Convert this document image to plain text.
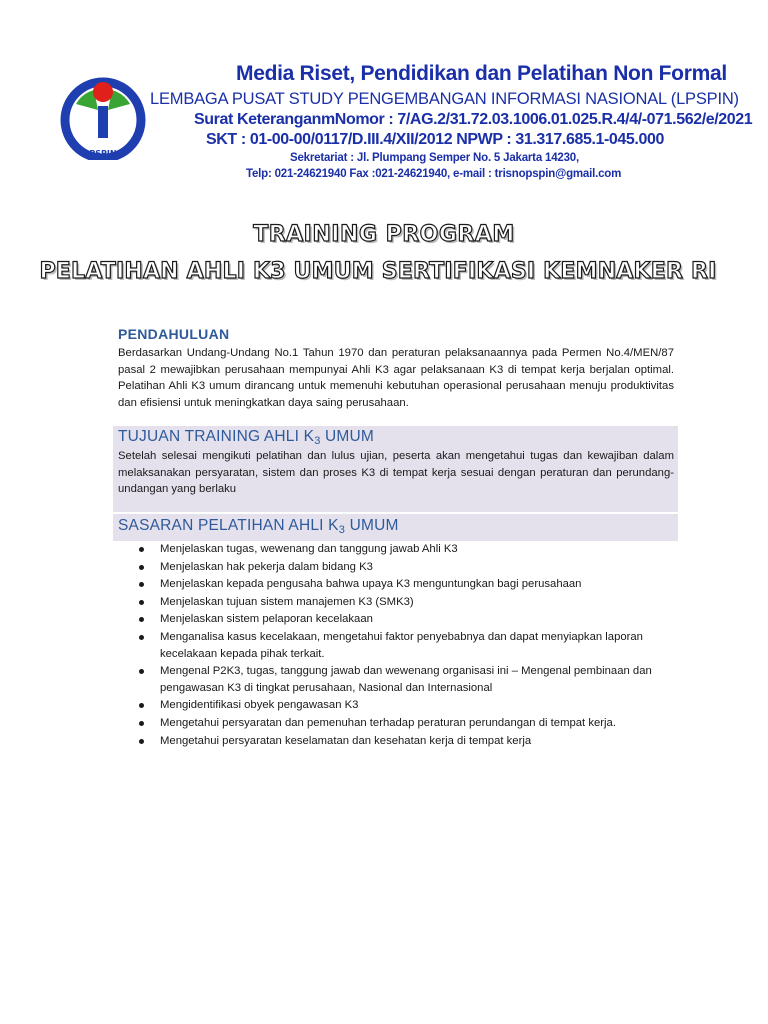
PSPIN
Media Riset, Pendidikan dan Pelatihan Non Formal
LEMBAGA PUSAT STUDY PENGEMBANGAN INFORMASI NASIONAL (LPSPIN)
Surat KeteranganmNomor : 7/AG.2/31.72.03.1006.01.025.R.4/4/-071.562/e/2021
SKT : 01-00-00/0117/D.III.4/XII/2012 NPWP : 31.317.685.1-045.000
Sekretariat : Jl. Plumpang Semper No. 5 Jakarta 14230,
Telp: 021-24621940 Fax :021-24621940, e-mail : trisnopspin@gmail.com
TRAINING PROGRAM
PELATIHAN AHLI K3 UMUM SERTIFIKASI KEMNAKER RI
PENDAHULUAN
Berdasarkan Undang-Undang No.1 Tahun 1970 dan peraturan pelaksanaannya pada Permen No.4/MEN/87 pasal 2 mewajibkan perusahaan mempunyai Ahli K3 agar pelaksanaan K3 di tempat kerja berjalan optimal. Pelatihan Ahli K3 umum dirancang untuk memenuhi kebutuhan operasional perusahaan menuju produktivitas dan efisiensi untuk meningkatkan daya saing perusahaan.
TUJUAN TRAINING AHLI K3 UMUM
Setelah selesai mengikuti pelatihan dan lulus ujian, peserta akan mengetahui tugas dan kewajiban dalam melaksanakan persyaratan, sistem dan proses K3 di tempat kerja sesuai dengan peraturan dan perundang-undangan yang berlaku
SASARAN PELATIHAN AHLI K3 UMUM
Menjelaskan tugas, wewenang dan tanggung jawab Ahli K3
Menjelaskan hak pekerja dalam bidang K3
Menjelaskan kepada pengusaha bahwa upaya K3 menguntungkan bagi perusahaan
Menjelaskan tujuan sistem manajemen K3 (SMK3)
Menjelaskan sistem pelaporan kecelakaan
Menganalisa kasus kecelakaan, mengetahui faktor penyebabnya dan dapat menyiapkan laporan kecelakaan kepada pihak terkait.
Mengenal P2K3, tugas, tanggung jawab dan wewenang organisasi ini – Mengenal pembinaan dan pengawasan K3 di tingkat perusahaan, Nasional dan Internasional
Mengidentifikasi obyek pengawasan K3
Mengetahui persyaratan dan pemenuhan terhadap peraturan perundangan di tempat kerja.
Mengetahui persyaratan keselamatan dan kesehatan kerja di tempat kerja
